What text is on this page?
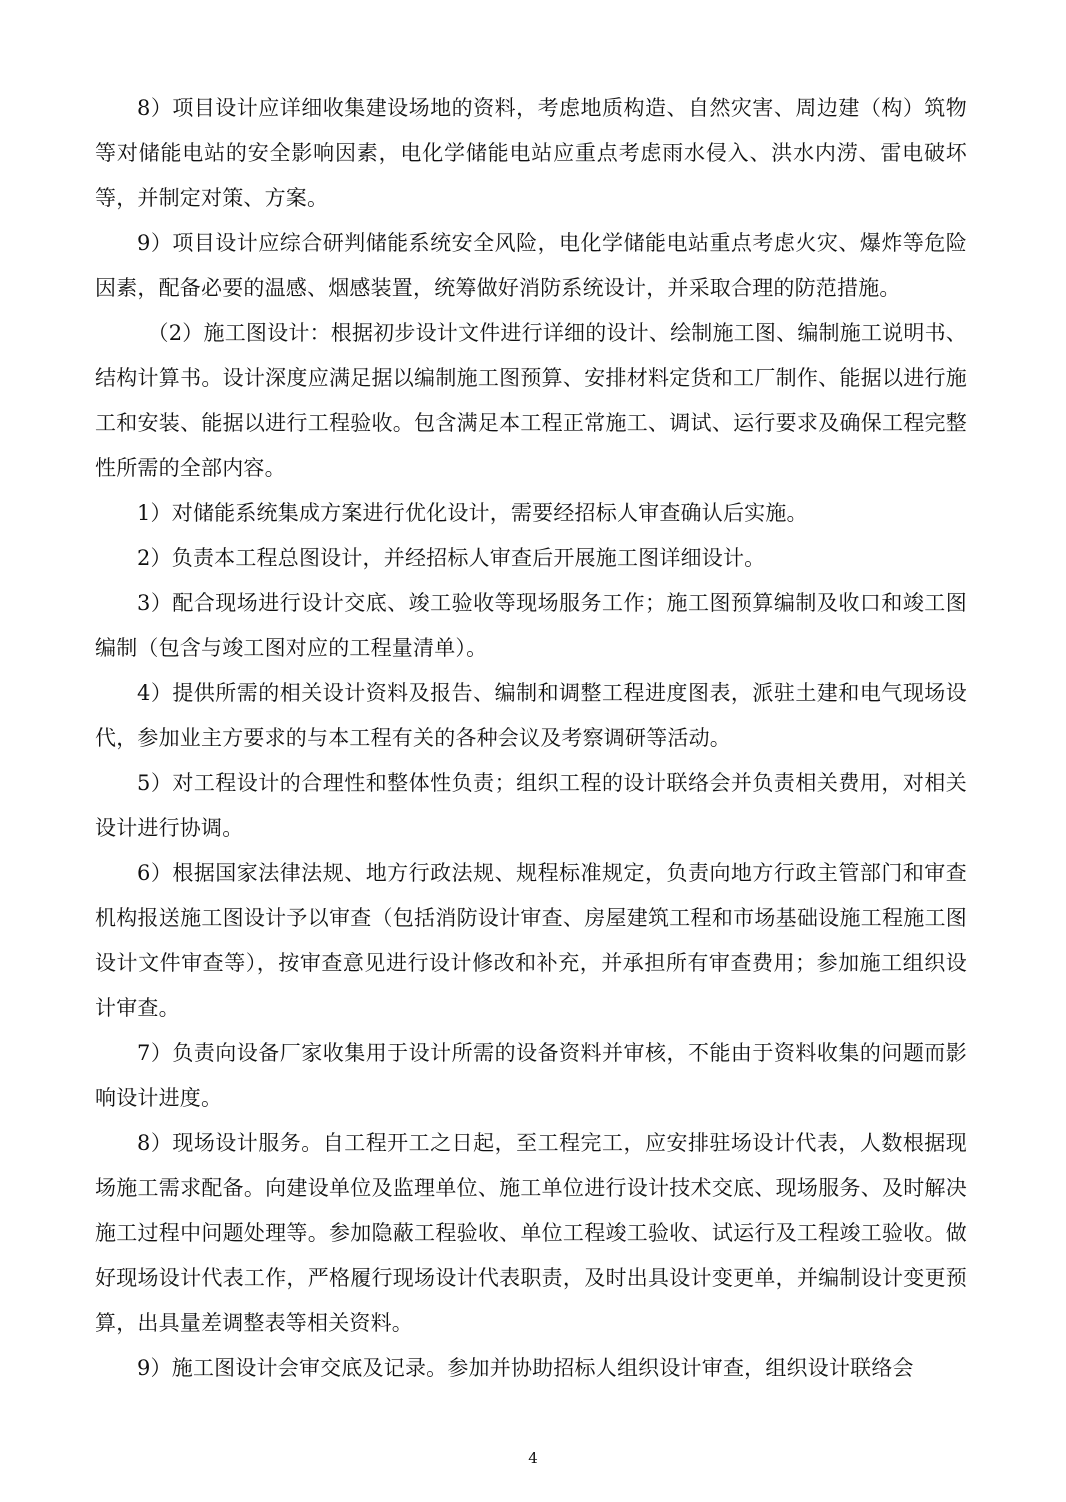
8）项目设计应详细收集建设场地的资料，考虑地质构造、自然灾害、周边建（构）筑物等对储能电站的安全影响因素，电化学储能电站应重点考虑雨水侵入、洪水内涝、雷电破坏等，并制定对策、方案。

9）项目设计应综合研判储能系统安全风险，电化学储能电站重点考虑火灾、爆炸等危险因素，配备必要的温感、烟感装置，统筹做好消防系统设计，并采取合理的防范措施。

（2）施工图设计：根据初步设计文件进行详细的设计、绘制施工图、编制施工说明书、结构计算书。设计深度应满足据以编制施工图预算、安排材料定货和工厂制作、能据以进行施工和安装、能据以进行工程验收。包含满足本工程正常施工、调试、运行要求及确保工程完整性所需的全部内容。

1）对储能系统集成方案进行优化设计，需要经招标人审查确认后实施。

2）负责本工程总图设计，并经招标人审查后开展施工图详细设计。

3）配合现场进行设计交底、竣工验收等现场服务工作；施工图预算编制及收口和竣工图编制（包含与竣工图对应的工程量清单）。

4）提供所需的相关设计资料及报告、编制和调整工程进度图表，派驻土建和电气现场设代，参加业主方要求的与本工程有关的各种会议及考察调研等活动。

5）对工程设计的合理性和整体性负责；组织工程的设计联络会并负责相关费用，对相关设计进行协调。

6）根据国家法律法规、地方行政法规、规程标准规定，负责向地方行政主管部门和审查机构报送施工图设计予以审查（包括消防设计审查、房屋建筑工程和市场基础设施工程施工图设计文件审查等），按审查意见进行设计修改和补充，并承担所有审查费用；参加施工组织设计审查。

7）负责向设备厂家收集用于设计所需的设备资料并审核，不能由于资料收集的问题而影响设计进度。

8）现场设计服务。自工程开工之日起，至工程完工，应安排驻场设计代表，人数根据现场施工需求配备。向建设单位及监理单位、施工单位进行设计技术交底、现场服务、及时解决施工过程中问题处理等。参加隐蔽工程验收、单位工程竣工验收、试运行及工程竣工验收。做好现场设计代表工作，严格履行现场设计代表职责，及时出具设计变更单，并编制设计变更预算，出具量差调整表等相关资料。

9）施工图设计会审交底及记录。参加并协助招标人组织设计审查，组织设计联络会

4
